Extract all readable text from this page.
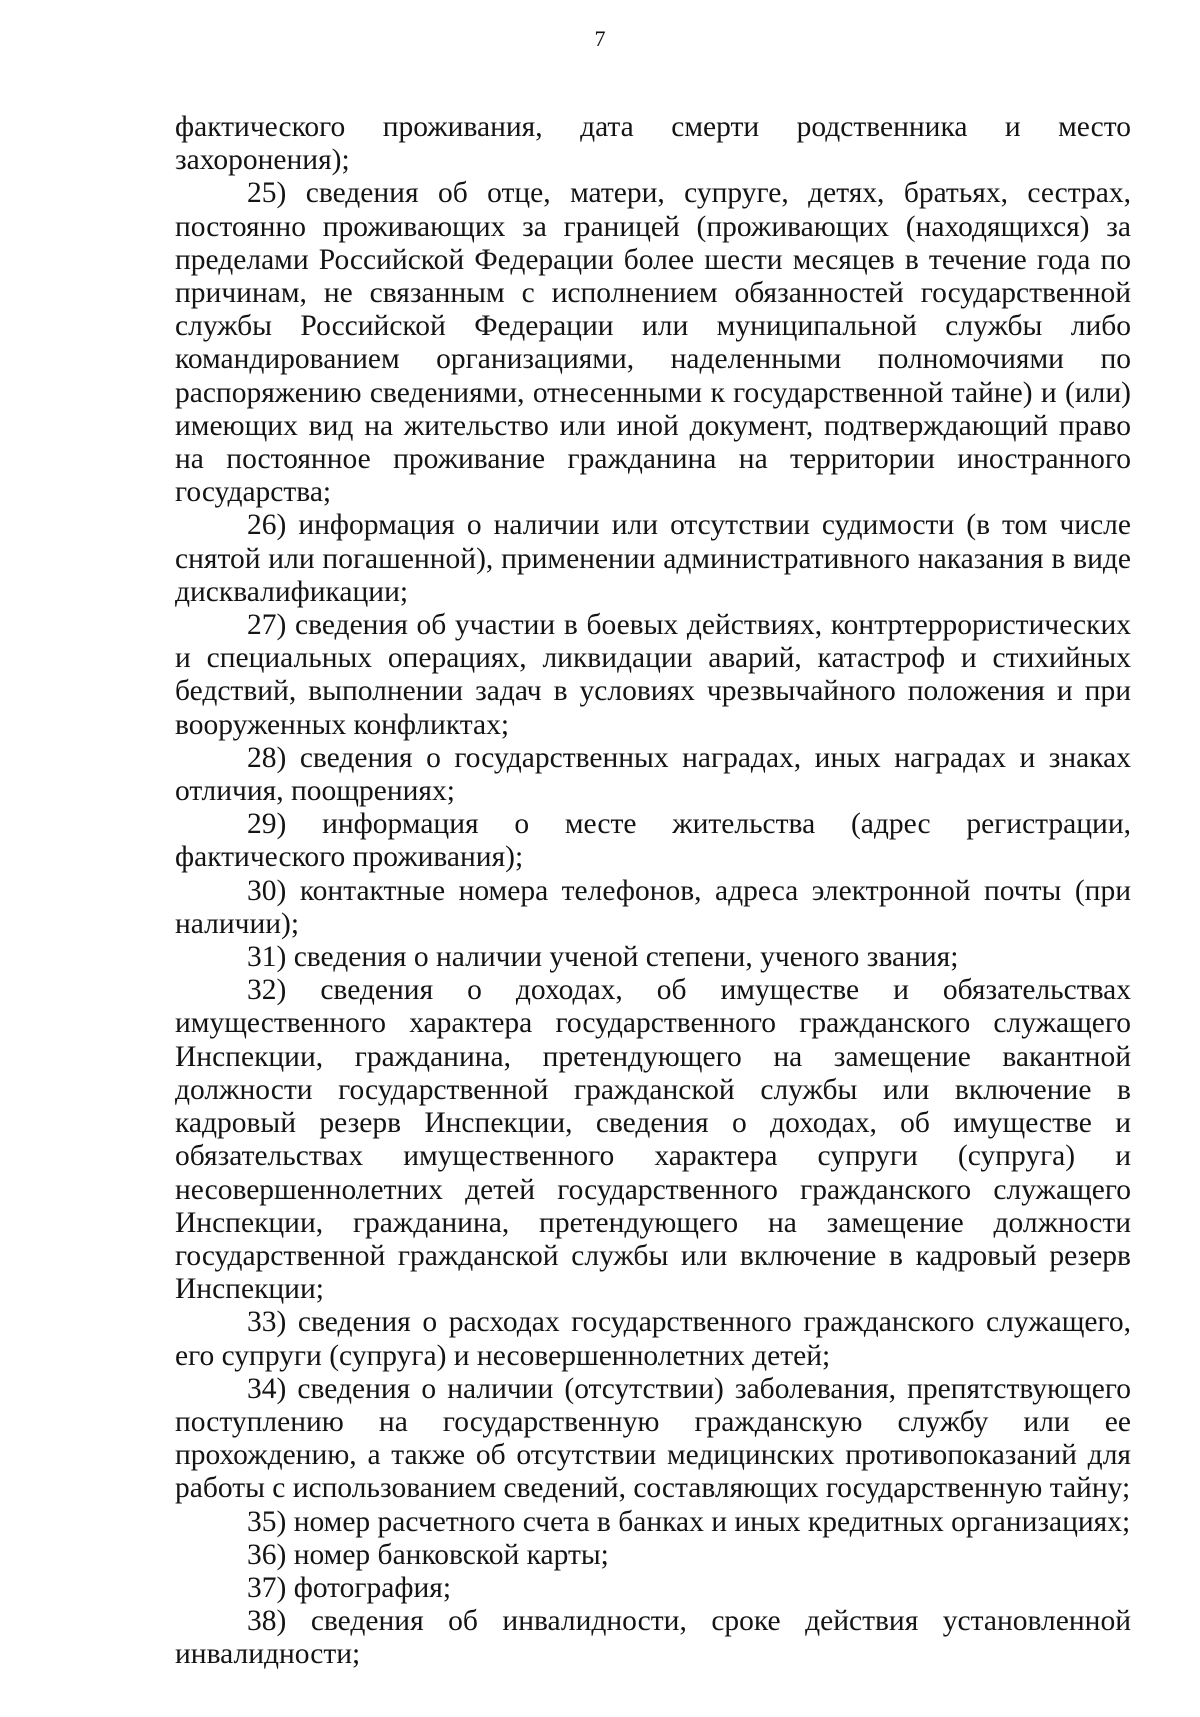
7

фактического проживания, дата смерти родственника и место захоронения);

25) сведения об отце, матери, супруге, детях, братьях, сестрах, постоянно проживающих за границей (проживающих (находящихся) за пределами Российской Федерации более шести месяцев в течение года по причинам, не связанным с исполнением обязанностей государственной службы Российской Федерации или муниципальной службы либо командированием организациями, наделенными полномочиями по распоряжению сведениями, отнесенными к государственной тайне) и (или) имеющих вид на жительство или иной документ, подтверждающий право на постоянное проживание гражданина на территории иностранного государства;

26) информация о наличии или отсутствии судимости (в том числе снятой или погашенной), применении административного наказания в виде дисквалификации;

27) сведения об участии в боевых действиях, контртеррористических и специальных операциях, ликвидации аварий, катастроф и стихийных бедствий, выполнении задач в условиях чрезвычайного положения и при вооруженных конфликтах;

28) сведения о государственных наградах, иных наградах и знаках отличия, поощрениях;

29) информация о месте жительства (адрес регистрации, фактического проживания);

30) контактные номера телефонов, адреса электронной почты (при наличии);

31) сведения о наличии ученой степени, ученого звания;

32) сведения о доходах, об имуществе и обязательствах имущественного характера государственного гражданского служащего Инспекции, гражданина, претендующего на замещение вакантной должности государственной гражданской службы или включение в кадровый резерв Инспекции, сведения о доходах, об имуществе и обязательствах имущественного характера супруги (супруга) и несовершеннолетних детей государственного гражданского служащего Инспекции, гражданина, претендующего на замещение должности государственной гражданской службы или включение в кадровый резерв Инспекции;

33) сведения о расходах государственного гражданского служащего, его супруги (супруга) и несовершеннолетних детей;

34) сведения о наличии (отсутствии) заболевания, препятствующего поступлению на государственную гражданскую службу или ее прохождению, а также об отсутствии медицинских противопоказаний для работы с использованием сведений, составляющих государственную тайну;

35) номер расчетного счета в банках и иных кредитных организациях;

36) номер банковской карты;

37) фотография;

38) сведения об инвалидности, сроке действия установленной инвалидности;
